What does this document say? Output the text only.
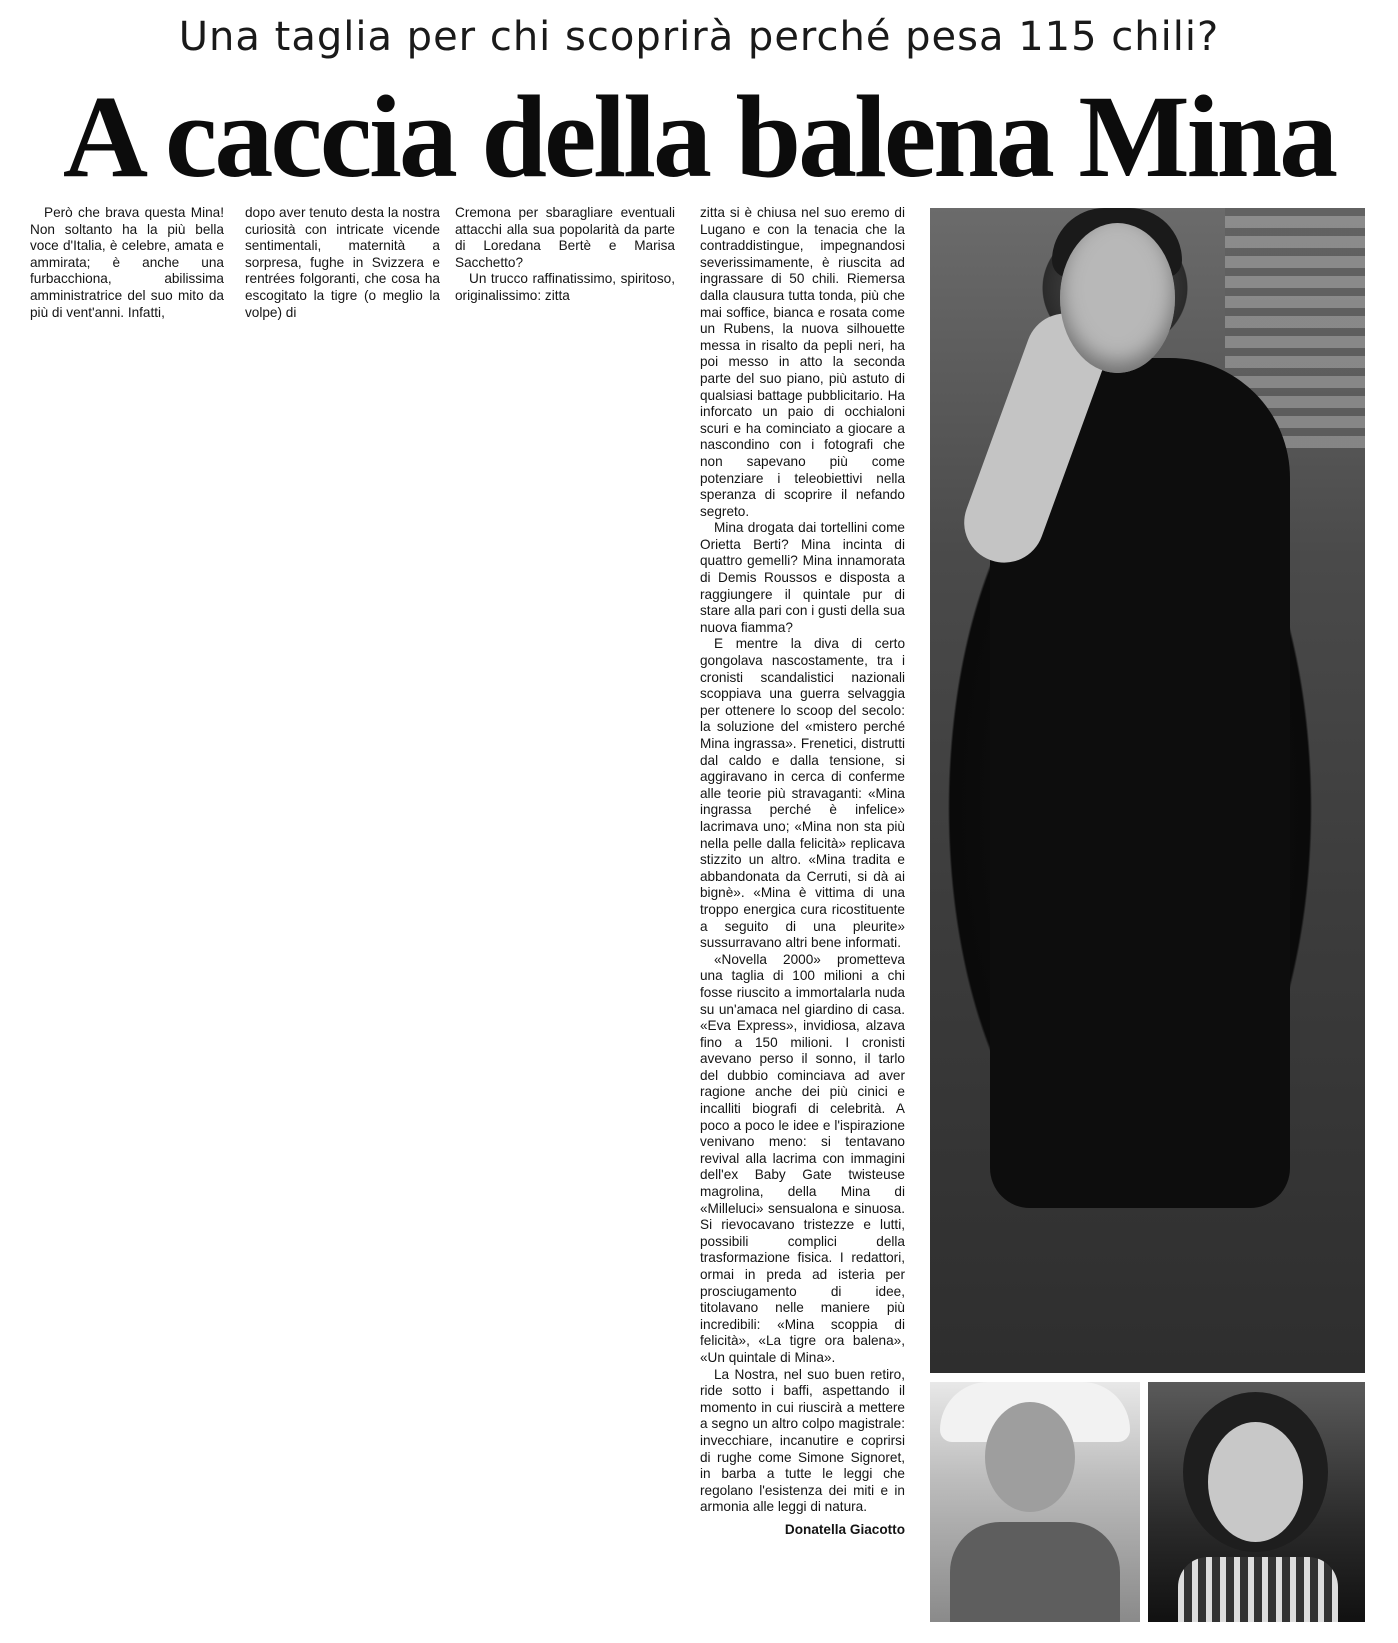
Una taglia per chi scoprirà perché pesa 115 chili?
A caccia della balena Mina

Però che brava questa Mina! Non soltanto ha la più bella voce d'Italia, è celebre, amata e ammirata; è anche una furbacchiona, abilissima amministratrice del suo mito da più di vent'anni. Infatti,

dopo aver tenuto desta la nostra curiosità con intricate vicende sentimentali, maternità a sorpresa, fughe in Svizzera e rentrées folgoranti, che cosa ha escogitato la tigre (o meglio la volpe) di

Cremona per sbaragliare eventuali attacchi alla sua popolarità da parte di Loredana Bertè e Marisa Sacchetto?

Un trucco raffinatissimo, spiritoso, originalissimo: zitta

zitta si è chiusa nel suo eremo di Lugano e con la tenacia che la contraddistingue, impegnandosi severissimamente, è riuscita ad ingrassare di 50 chili. Riemersa dalla clausura tutta tonda, più che mai soffice, bianca e rosata come un Rubens, la nuova silhouette messa in risalto da pepli neri, ha poi messo in atto la seconda parte del suo piano, più astuto di qualsiasi battage pubblicitario. Ha inforcato un paio di occhialoni scuri e ha cominciato a giocare a nascondino con i fotografi che non sapevano più come potenziare i teleobiettivi nella speranza di scoprire il nefando segreto.

Mina drogata dai tortellini come Orietta Berti? Mina incinta di quattro gemelli? Mina innamorata di Demis Roussos e disposta a raggiungere il quintale pur di stare alla pari con i gusti della sua nuova fiamma?

E mentre la diva di certo gongolava nascostamente, tra i cronisti scandalistici nazionali scoppiava una guerra selvaggia per ottenere lo scoop del secolo: la soluzione del «mistero perché Mina ingrassa». Frenetici, distrutti dal caldo e dalla tensione, si aggiravano in cerca di conferme alle teorie più stravaganti: «Mina ingrassa perché è infelice» lacrimava uno; «Mina non sta più nella pelle dalla felicità» replicava stizzito un altro. «Mina tradita e abbandonata da Cerruti, si dà ai bignè». «Mina è vittima di una troppo energica cura ricostituente a seguito di una pleurite» sussurravano altri bene informati.

«Novella 2000» prometteva una taglia di 100 milioni a chi fosse riuscito a immortalarla nuda su un'amaca nel giardino di casa. «Eva Express», invidiosa, alzava fino a 150 milioni. I cronisti avevano perso il sonno, il tarlo del dubbio cominciava ad aver ragione anche dei più cinici e incalliti biografi di celebrità. A poco a poco le idee e l'ispirazione venivano meno: si tentavano revival alla lacrima con immagini dell'ex Baby Gate twisteuse magrolina, della Mina di «Milleluci» sensualona e sinuosa. Si rievocavano tristezze e lutti, possibili complici della trasformazione fisica. I redattori, ormai in preda ad isteria per prosciugamento di idee, titolavano nelle maniere più incredibili: «Mina scoppia di felicità», «La tigre ora balena», «Un quintale di Mina».

La Nostra, nel suo buen retiro, ride sotto i baffi, aspettando il momento in cui riuscirà a mettere a segno un altro colpo magistrale: invecchiare, incanutire e coprirsi di rughe come Simone Signoret, in barba a tutte le leggi che regolano l'esistenza dei miti e in armonia alle leggi di natura.

Donatella Giacotto
